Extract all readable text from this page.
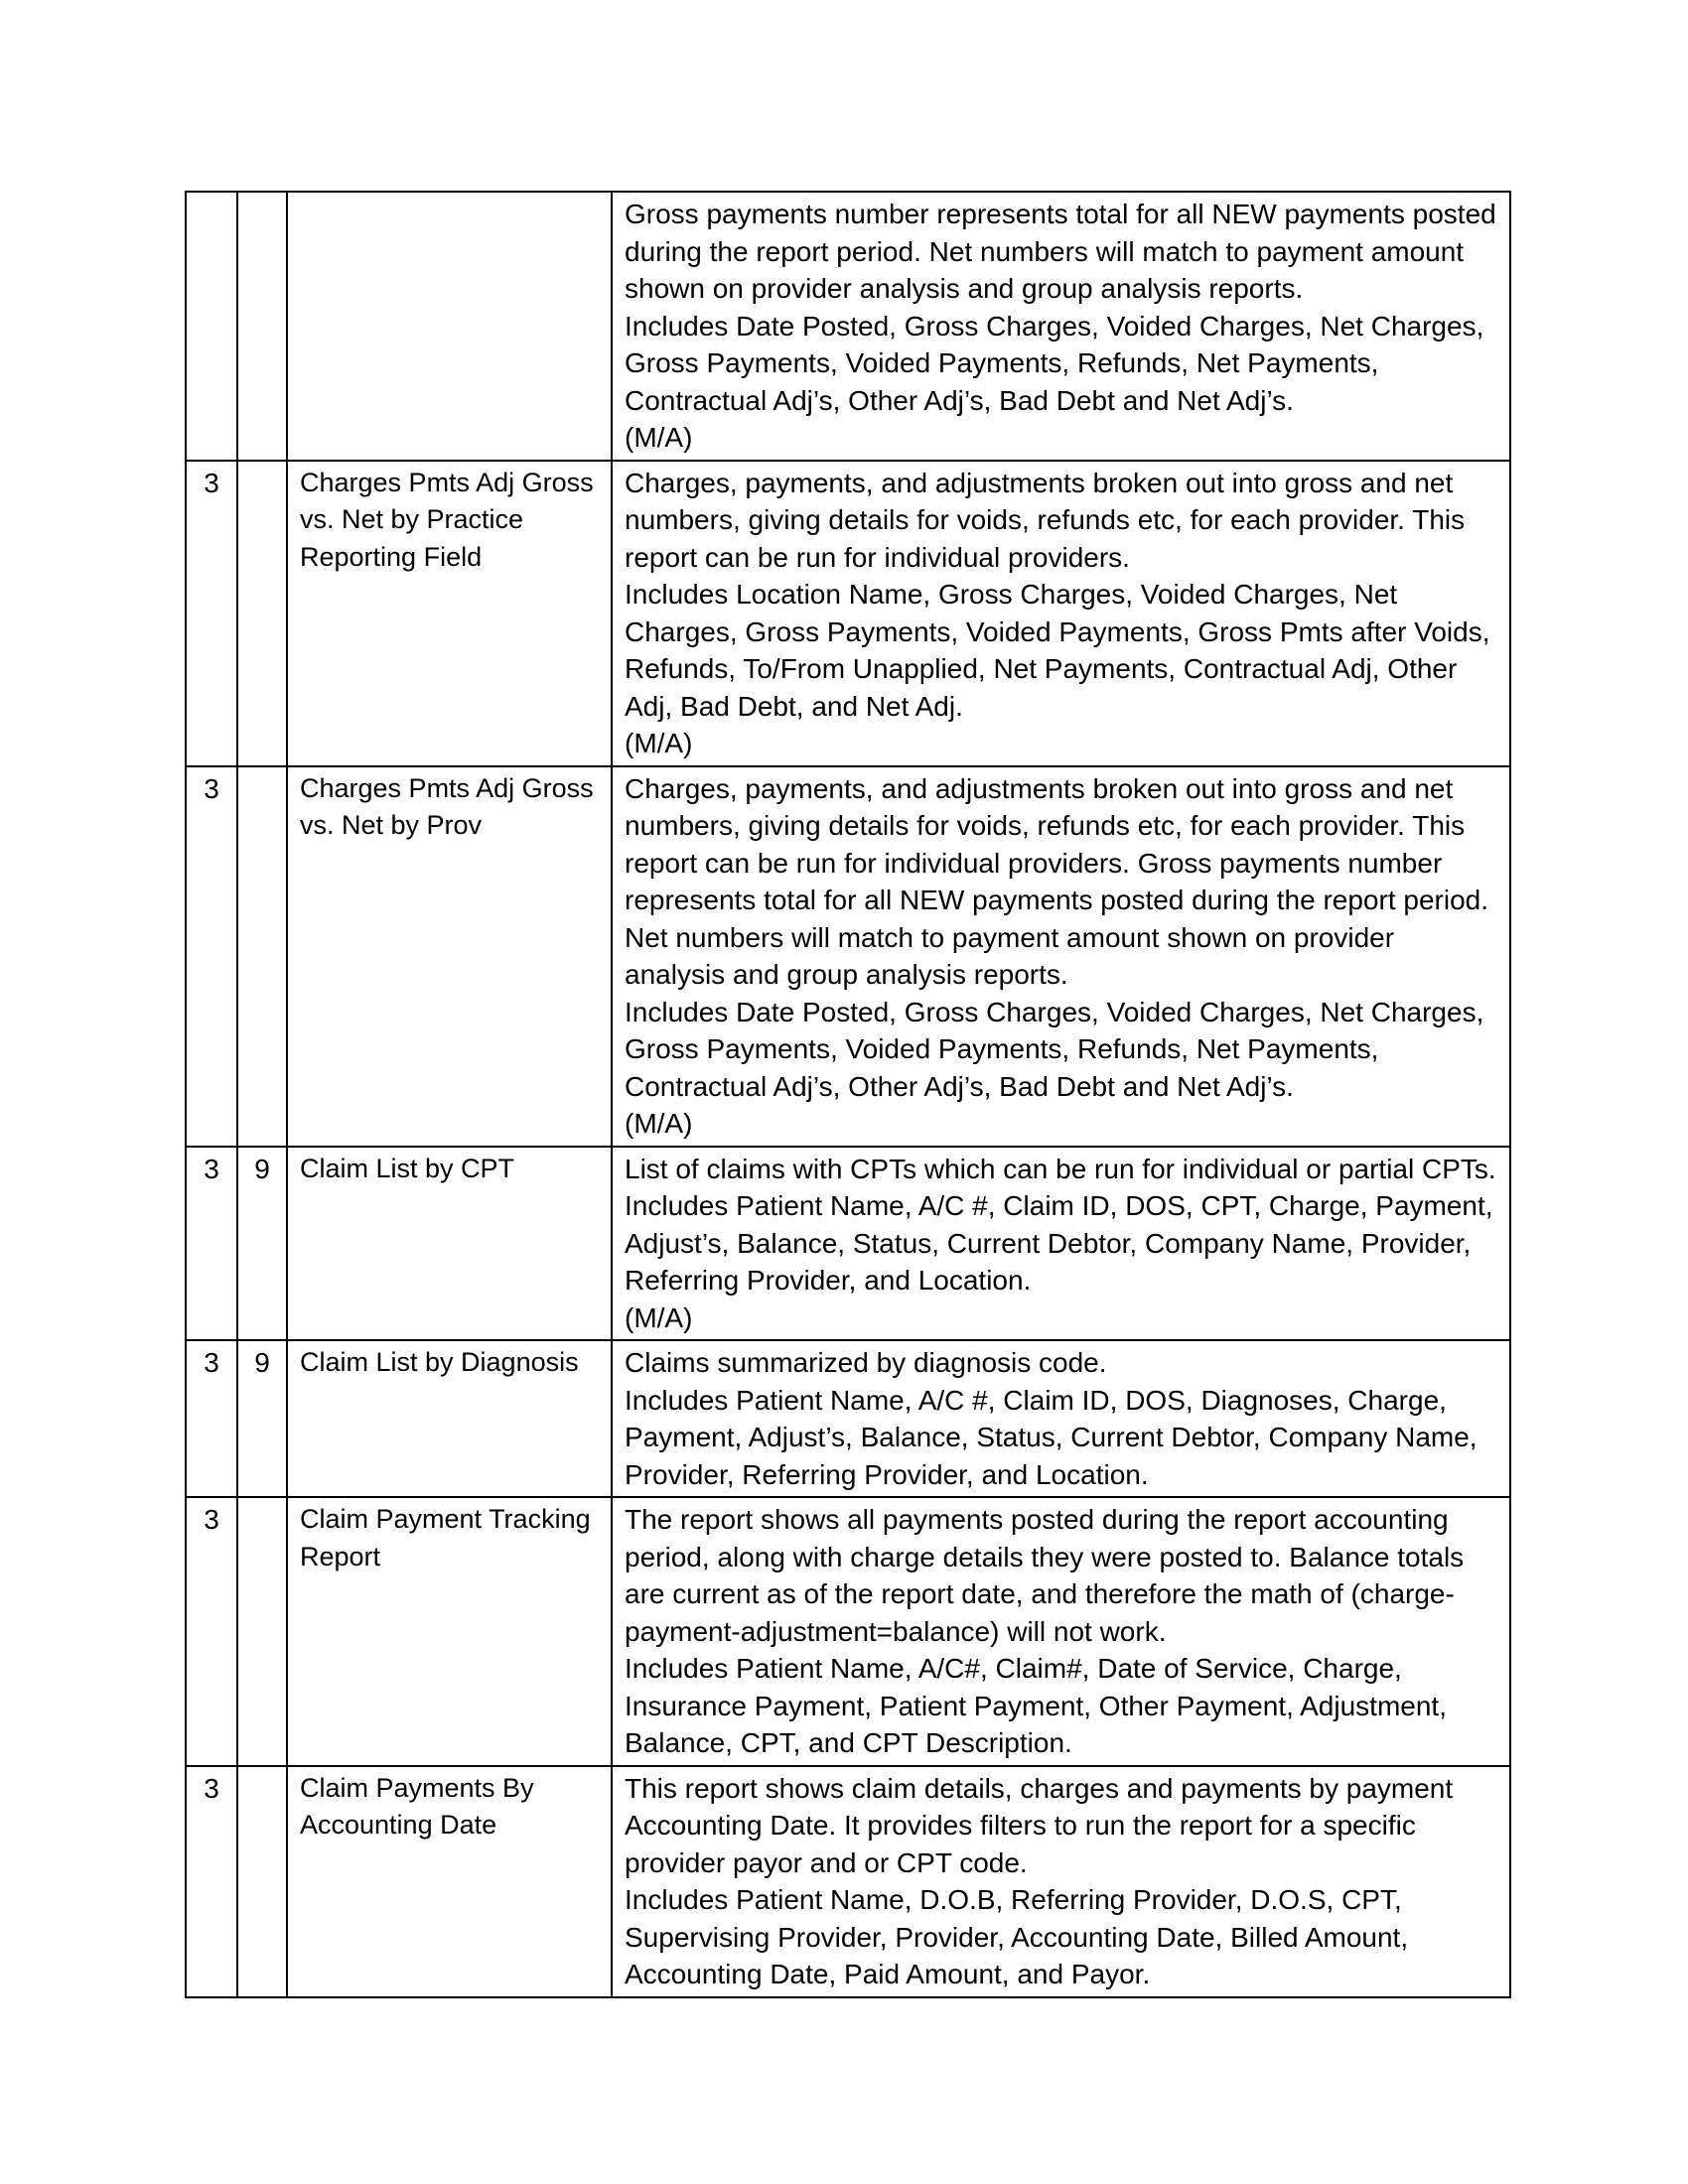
			Gross payments number represents total for all NEW payments posted during the report period. Net numbers will match to payment amount shown on provider analysis and group analysis reports.
Includes Date Posted, Gross Charges, Voided Charges, Net Charges, Gross Payments, Voided Payments, Refunds, Net Payments, Contractual Adj’s, Other Adj’s, Bad Debt and Net Adj’s.
(M/A)

3		Charges Pmts Adj Gross vs. Net by Practice Reporting Field	Charges, payments, and adjustments broken out into gross and net numbers, giving details for voids, refunds etc, for each provider. This report can be run for individual providers.
Includes Location Name, Gross Charges, Voided Charges, Net Charges, Gross Payments, Voided Payments, Gross Pmts after Voids, Refunds, To/From Unapplied, Net Payments, Contractual Adj, Other Adj, Bad Debt, and Net Adj.
(M/A)

3		Charges Pmts Adj Gross vs. Net by Prov	Charges, payments, and adjustments broken out into gross and net numbers, giving details for voids, refunds etc, for each provider. This report can be run for individual providers. Gross payments number represents total for all NEW payments posted during the report period. Net numbers will match to payment amount shown on provider analysis and group analysis reports.
Includes Date Posted, Gross Charges, Voided Charges, Net Charges, Gross Payments, Voided Payments, Refunds, Net Payments, Contractual Adj’s, Other Adj’s, Bad Debt and Net Adj’s.
(M/A)

3	9	Claim List by CPT	List of claims with CPTs which can be run for individual or partial CPTs.
Includes Patient Name, A/C #, Claim ID, DOS, CPT, Charge, Payment, Adjust’s, Balance, Status, Current Debtor, Company Name, Provider, Referring Provider, and Location.
(M/A)

3	9	Claim List by Diagnosis	Claims summarized by diagnosis code.
Includes Patient Name, A/C #, Claim ID, DOS, Diagnoses, Charge, Payment, Adjust’s, Balance, Status, Current Debtor, Company Name, Provider, Referring Provider, and Location.

3		Claim Payment Tracking Report	The report shows all payments posted during the report accounting period, along with charge details they were posted to. Balance totals are current as of the report date, and therefore the math of (charge-payment-adjustment=balance) will not work.
Includes Patient Name, A/C#, Claim#, Date of Service, Charge, Insurance Payment, Patient Payment, Other Payment, Adjustment, Balance, CPT, and CPT Description.

3		Claim Payments By Accounting Date	This report shows claim details, charges and payments by payment Accounting Date. It provides filters to run the report for a specific provider payor and or CPT code.
Includes Patient Name, D.O.B, Referring Provider, D.O.S, CPT, Supervising Provider, Provider, Accounting Date, Billed Amount, Accounting Date, Paid Amount, and Payor.
